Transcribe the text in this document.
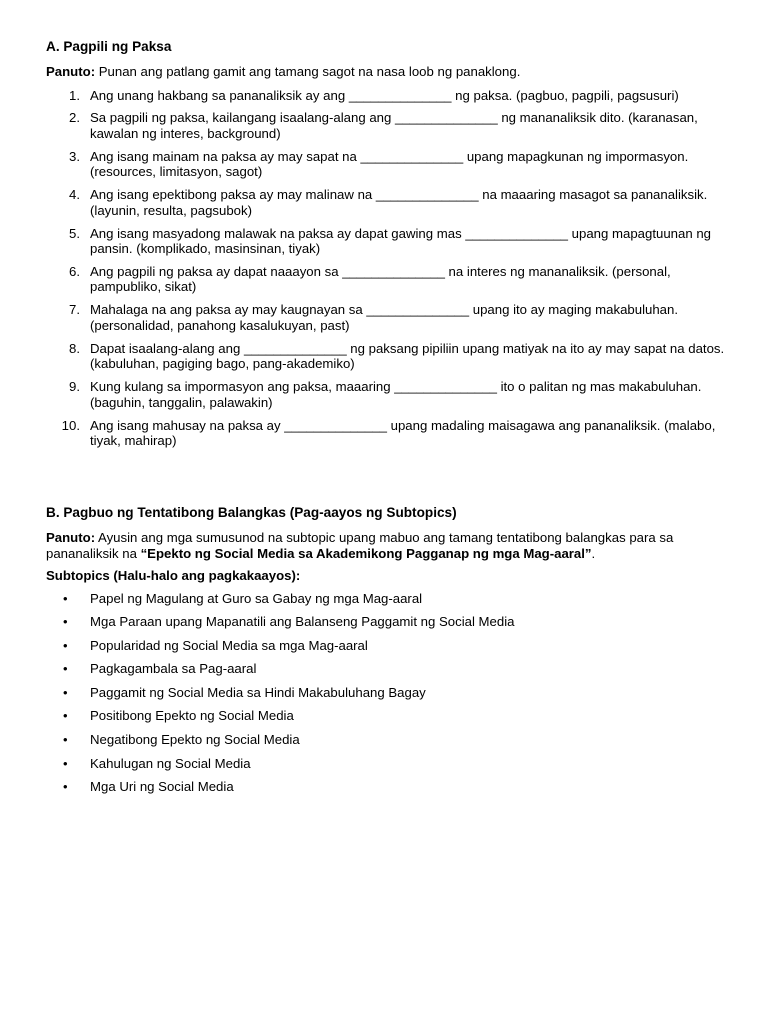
A. Pagpili ng Paksa

Panuto: Punan ang patlang gamit ang tamang sagot na nasa loob ng panaklong.

1. Ang unang hakbang sa pananaliksik ay ang ______________ ng paksa. (pagbuo, pagpili, pagsusuri)
2. Sa pagpili ng paksa, kailangang isaalang-alang ang ______________ ng mananaliksik dito. (karanasan, kawalan ng interes, background)
3. Ang isang mainam na paksa ay may sapat na ______________ upang mapagkunan ng impormasyon. (resources, limitasyon, sagot)
4. Ang isang epektibong paksa ay may malinaw na ______________ na maaaring masagot sa pananaliksik. (layunin, resulta, pagsubok)
5. Ang isang masyadong malawak na paksa ay dapat gawing mas ______________ upang mapagtuunan ng pansin. (komplikado, masinsinan, tiyak)
6. Ang pagpili ng paksa ay dapat naaayon sa ______________ na interes ng mananaliksik. (personal, pampubliko, sikat)
7. Mahalaga na ang paksa ay may kaugnayan sa ______________ upang ito ay maging makabuluhan. (personalidad, panahong kasalukuyan, past)
8. Dapat isaalang-alang ang ______________ ng paksang pipiliin upang matiyak na ito ay may sapat na datos. (kabuluhan, pagiging bago, pang-akademiko)
9. Kung kulang sa impormasyon ang paksa, maaaring ______________ ito o palitan ng mas makabuluhan. (baguhin, tanggalin, palawakin)
10. Ang isang mahusay na paksa ay ______________ upang madaling maisagawa ang pananaliksik. (malabo, tiyak, mahirap)
B. Pagbuo ng Tentatibong Balangkas (Pag-aayos ng Subtopics)

Panuto: Ayusin ang mga sumusunod na subtopic upang mabuo ang tamang tentatibong balangkas para sa pananaliksik na “Epekto ng Social Media sa Akademikong Pagganap ng mga Mag-aaral”.

Subtopics (Halu-halo ang pagkakaayos):

• Papel ng Magulang at Guro sa Gabay ng mga Mag-aaral
• Mga Paraan upang Mapanatili ang Balanseng Paggamit ng Social Media
• Popularidad ng Social Media sa mga Mag-aaral
• Pagkagambala sa Pag-aaral
• Paggamit ng Social Media sa Hindi Makabuluhang Bagay
• Positibong Epekto ng Social Media
• Negatibong Epekto ng Social Media
• Kahulugan ng Social Media
• Mga Uri ng Social Media
